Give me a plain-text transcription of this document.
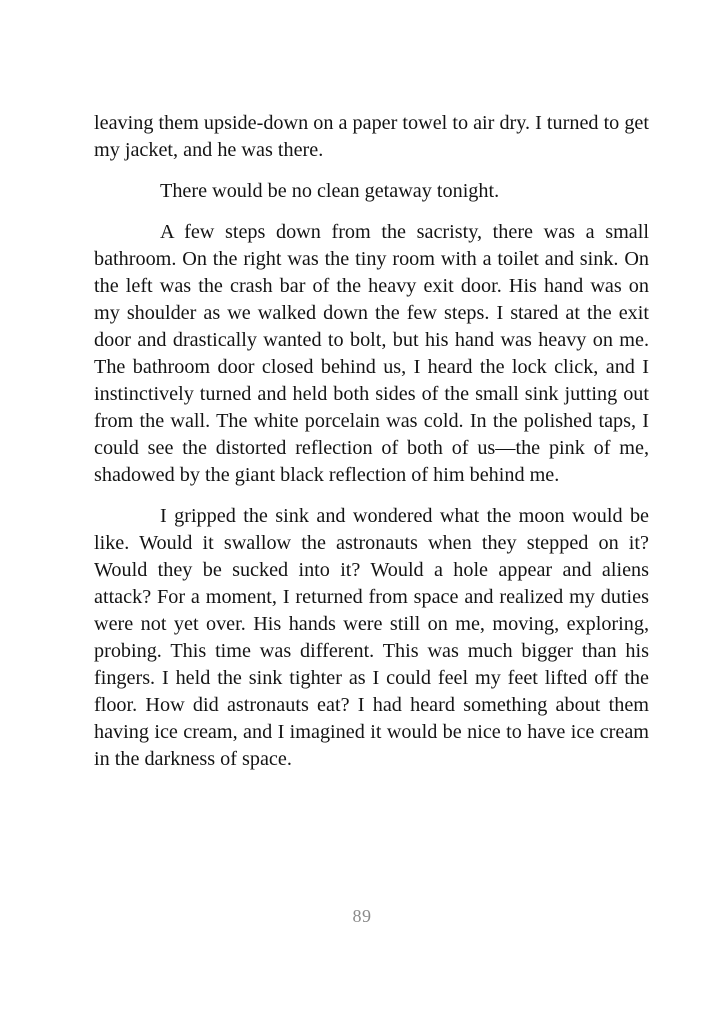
leaving them upside-down on a paper towel to air dry. I turned to get my jacket, and he was there.

There would be no clean getaway tonight.

A few steps down from the sacristy, there was a small bathroom. On the right was the tiny room with a toilet and sink. On the left was the crash bar of the heavy exit door. His hand was on my shoulder as we walked down the few steps. I stared at the exit door and drastically wanted to bolt, but his hand was heavy on me. The bathroom door closed behind us, I heard the lock click, and I instinctively turned and held both sides of the small sink jutting out from the wall. The white porcelain was cold. In the polished taps, I could see the distorted reflection of both of us—the pink of me, shadowed by the giant black reflection of him behind me.

I gripped the sink and wondered what the moon would be like. Would it swallow the astronauts when they stepped on it? Would they be sucked into it? Would a hole appear and aliens attack? For a moment, I returned from space and realized my duties were not yet over. His hands were still on me, moving, exploring, probing. This time was different. This was much bigger than his fingers. I held the sink tighter as I could feel my feet lifted off the floor. How did astronauts eat? I had heard something about them having ice cream, and I imagined it would be nice to have ice cream in the darkness of space.

89
